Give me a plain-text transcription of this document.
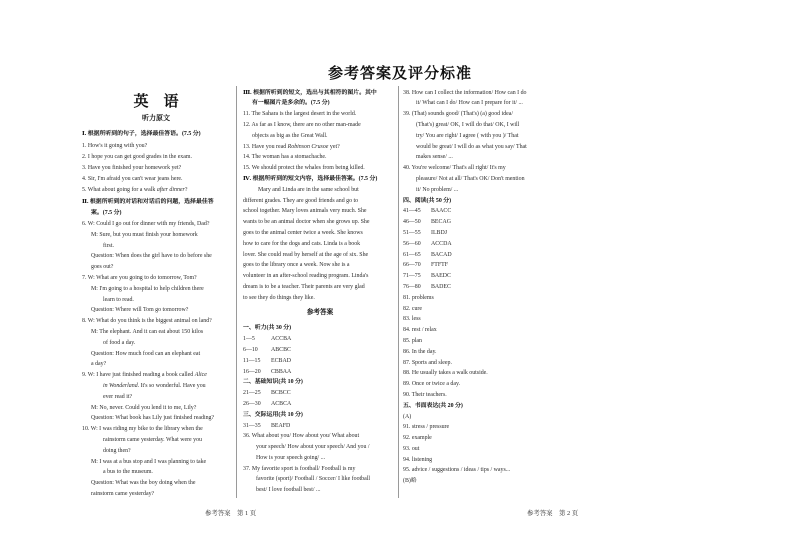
参考答案及评分标准
英　语
听力原文
Ⅰ. 根据所听到的句子，选择最佳答语。(7.5 分)
1. How's it going with you?
2. I hope you can get good grades in the exam.
3. Have you finished your homework yet?
4. Sir, I'm afraid you can't wear jeans here.
5. What about going for a walk after dinner?
Ⅱ. 根据所听到的对话和对话后的问题，选择最佳答
案。(7.5 分)
6. W: Could I go out for dinner with my friends, Dad?
M: Sure, but you must finish your homework
first.
Question: When does the girl have to do before she
goes out?
7. W: What are you going to do tomorrow, Tom?
M: I'm going to a hospital to help children there
learn to read.
Question: Where will Tom go tomorrow?
8. W: What do you think is the biggest animal on land?
M: The elephant. And it can eat about 150 kilos
of food a day.
Question: How much food can an elephant eat
a day?
9. W: I have just finished reading a book called Alice
in Wonderland. It's so wonderful. Have you
ever read it?
M: No, never. Could you lend it to me, Lily?
Question: What book has Lily just finished reading?
10. W: I was riding my bike to the library when the
rainstorm came yesterday. What were you
doing then?
M: I was at a bus stop and I was planning to take
a bus to the museum.
Question: What was the boy doing when the
rainstorm came yesterday?
Ⅲ. 根据所听到的短文，选出与其相符的图片。其中
有一幅图片是多余的。(7.5 分)
11. The Sahara is the largest desert in the world.
12. As far as I know, there are no other man-made
objects as big as the Great Wall.
13. Have you read Robinson Crusoe yet?
14. The woman has a stomachache.
15. We should protect the whales from being killed.
Ⅳ. 根据所听到的短文内容，选择最佳答案。(7.5 分)
Mary and Linda are in the same school but
different grades. They are good friends and go to
school together. Mary loves animals very much. She
wants to be an animal doctor when she grows up. She
goes to the animal center twice a week. She knows
how to care for the dogs and cats. Linda is a book
lover. She could read by herself at the age of six. She
goes to the library once a week. Now she is a
volunteer in an after-school reading program. Linda's
dream is to be a teacher. Their parents are very glad
to see they do things they like.
参考答案
一、听力(共 30 分)
1—5	ACCBA
6—10 ABCBC
11—15 ECBAD
16—20 CBBAA
二、基础知识(共 10 分)
21—25 BCBCC
26—30 ACBCA
三、交际运用(共 10 分)
31—35 BEAFD
36. What about you/ How about you/ What about
your speech/ How about your speech/ And you /
How is your speech going/ ...
37. My favorite sport is football/ Football is my
favorite (sport)/ Football / Soccer/ I like football
best/ I love football best/ ...
38. How can I collect the information/ How can I do
it/ What can I do/ How can I prepare for it/ ...
39. (That) sounds good/ (That's) (a) good idea/
(That's) great/ OK, I will do that/ OK, I will
try/ You are right/ I agree ( with you )/ That
would be great/ I will do as what you say/ That
makes sense/ ...
40. You're welcome/ That's all right/ It's my
pleasure/ Not at all/ That's OK/ Don't mention
it/ No problem/ ...
四、阅读(共 50 分)
41—45 BAACC
46—50 BECAG
51—55 ILBDJ
56—60 ACCDA
61—65 BACAD
66—70 FTFTF
71—75 BAEDC
76—80 BADEC
81. problems
82. cure
83. less
84. rest / relax
85. plan
86. In the day.
87. Sports and sleep.
88. He usually takes a walk outside.
89. Once or twice a day.
90. Their teachers.
五、书面表达(共 20 分)
(A)
91. stress / pressure
92. example
93. out
94. listening
95. advice / suggestions / ideas / tips / ways...
(B)略
参考答案　第 1 页	参考答案　第 2 页
